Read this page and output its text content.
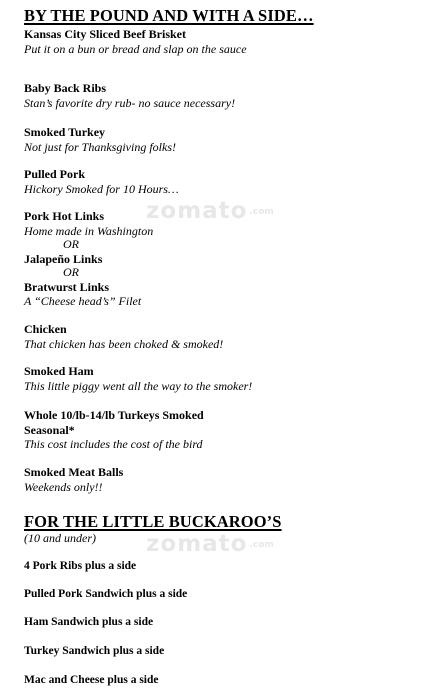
zomato .com
zomato .com
BY THE POUND AND WITH A SIDE…
Kansas City Sliced Beef Brisket
Put it on a bun or bread and slap on the sauce
Baby Back Ribs
Stan’s favorite dry rub- no sauce necessary!
Smoked Turkey
Not just for Thanksgiving folks!
Pulled Pork
Hickory Smoked for 10 Hours…
Pork Hot Links
Home made in Washington
OR
Jalapeño Links
OR
Bratwurst Links
A “Cheese head’s” Filet
Chicken
That chicken has been choked & smoked!
Smoked Ham
This little piggy went all the way to the smoker!
Whole 10/lb-14/lb Turkeys Smoked
Seasonal*
This cost includes the cost of the bird
Smoked Meat Balls
Weekends only!!
FOR THE LITTLE BUCKAROO’S
(10 and under)
4 Pork Ribs plus a side
Pulled Pork Sandwich plus a side
Ham Sandwich plus a side
Turkey Sandwich plus a side
Mac and Cheese plus a side
